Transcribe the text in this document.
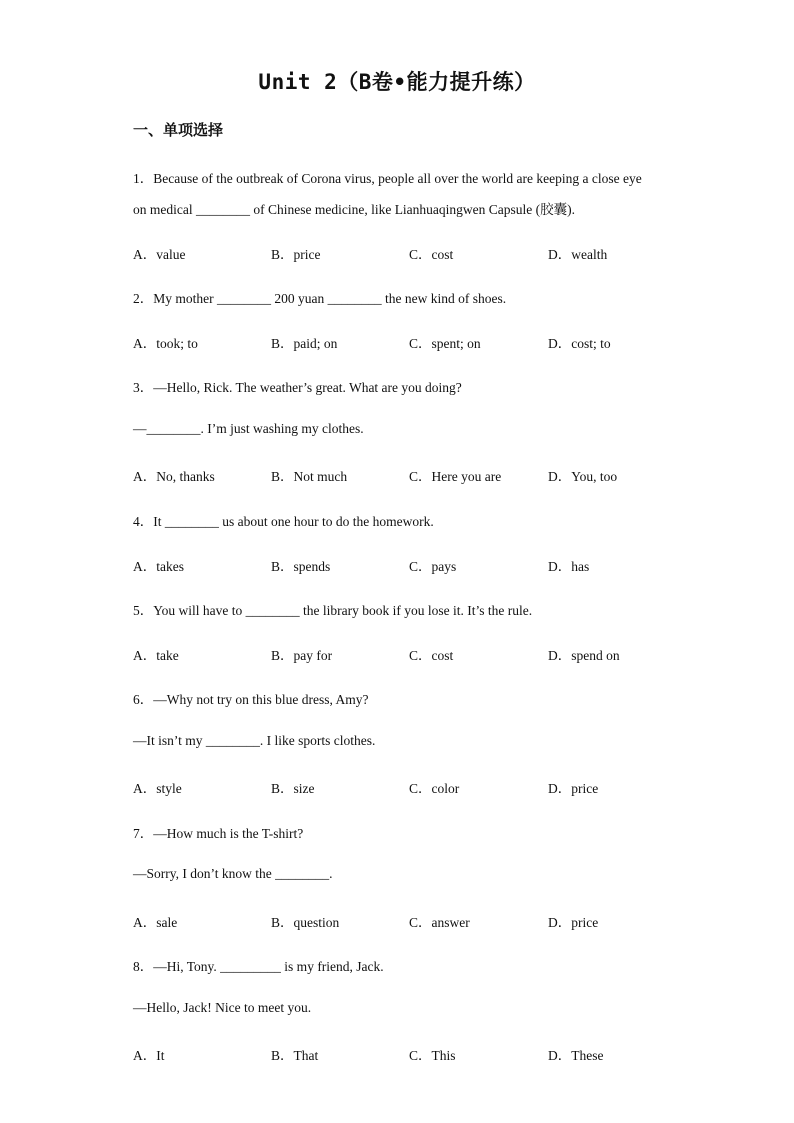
Unit 2（B卷•能力提升练）
一、单项选择
1．Because of the outbreak of Corona virus, people all over the world are keeping a close eye
on medical ________ of Chinese medicine, like Lianhuaqingwen Capsule (胶囊).
A．value	B．price	C．cost	D．wealth
2．My mother ________ 200 yuan ________ the new kind of shoes.
A．took; to	B．paid; on	C．spent; on	D．cost; to
3．—Hello, Rick. The weather’s great. What are you doing?
—________. I’m just washing my clothes.
A．No, thanks	B．Not much	C．Here you are	D．You, too
4．It ________ us about one hour to do the homework.
A．takes	B．spends	C．pays	D．has
5．You will have to ________ the library book if you lose it. It’s the rule.
A．take	B．pay for	C．cost	D．spend on
6．—Why not try on this blue dress, Amy?
—It isn’t my ________. I like sports clothes.
A．style	B．size	C．color	D．price
7．—How much is the T-shirt?
—Sorry, I don’t know the ________.
A．sale	B．question	C．answer	D．price
8．—Hi, Tony. _________ is my friend, Jack.
—Hello, Jack! Nice to meet you.
A．It	B．That	C．This	D．These
